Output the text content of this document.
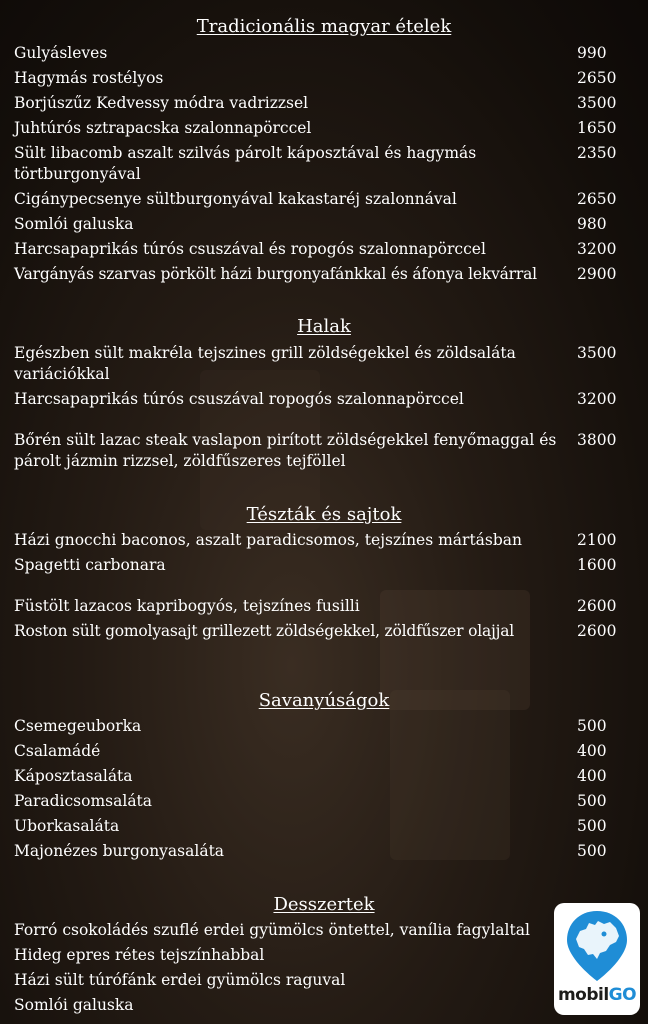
Tradicionális magyar ételek
Gulyásleves	990
Hagymás rostélyos	2650
Borjúszűz Kedvessy módra vadrizzsel	3500
Juhtúrós sztrapacska szalonnapörccel	1650
Sült libacomb aszalt szilvás párolt káposztával és hagymás törtburgonyával
2350
Cigánypecsenye sültburgonyával kakastaréj szalonnával	2650
Somlói galuska	980
Harcsapaprikás túrós csuszával és ropogós szalonnapörccel	3200
Vargányás szarvas pörkölt házi burgonyafánkkal és áfonya lekvárral	2900
Halak
Egészben sült makréla tejszines grill zöldségekkel és zöldsaláta variációkkal
3500
Harcsapaprikás túrós csuszával ropogós szalonnapörccel	3200
Bőrén sült lazac steak vaslapon pirított zöldségekkel fenyőmaggal és párolt jázmin rizzsel, zöldfűszeres tejföllel
3800
Tészták és sajtok
Házi gnocchi baconos, aszalt paradicsomos, tejszínes mártásban	2100
Spagetti carbonara	1600
Füstölt lazacos kapribogyós, tejszínes fusilli	2600
Roston sült gomolyasajt grillezett zöldségekkel, zöldfűszer olajjal	2600
Savanyúságok
Csemegeuborka	500
Csalamádé	400
Káposztasaláta	400
Paradicsomsaláta	500
Uborkasaláta	500
Majonézes burgonyasaláta	500
Desszertek
Forró csokoládés szuflé erdei gyümölcs öntettel, vanília fagylaltal
Hideg epres rétes tejszínhabbal
Házi sült túrófánk erdei gyümölcs raguval
Somlói galuska	mobilGO
